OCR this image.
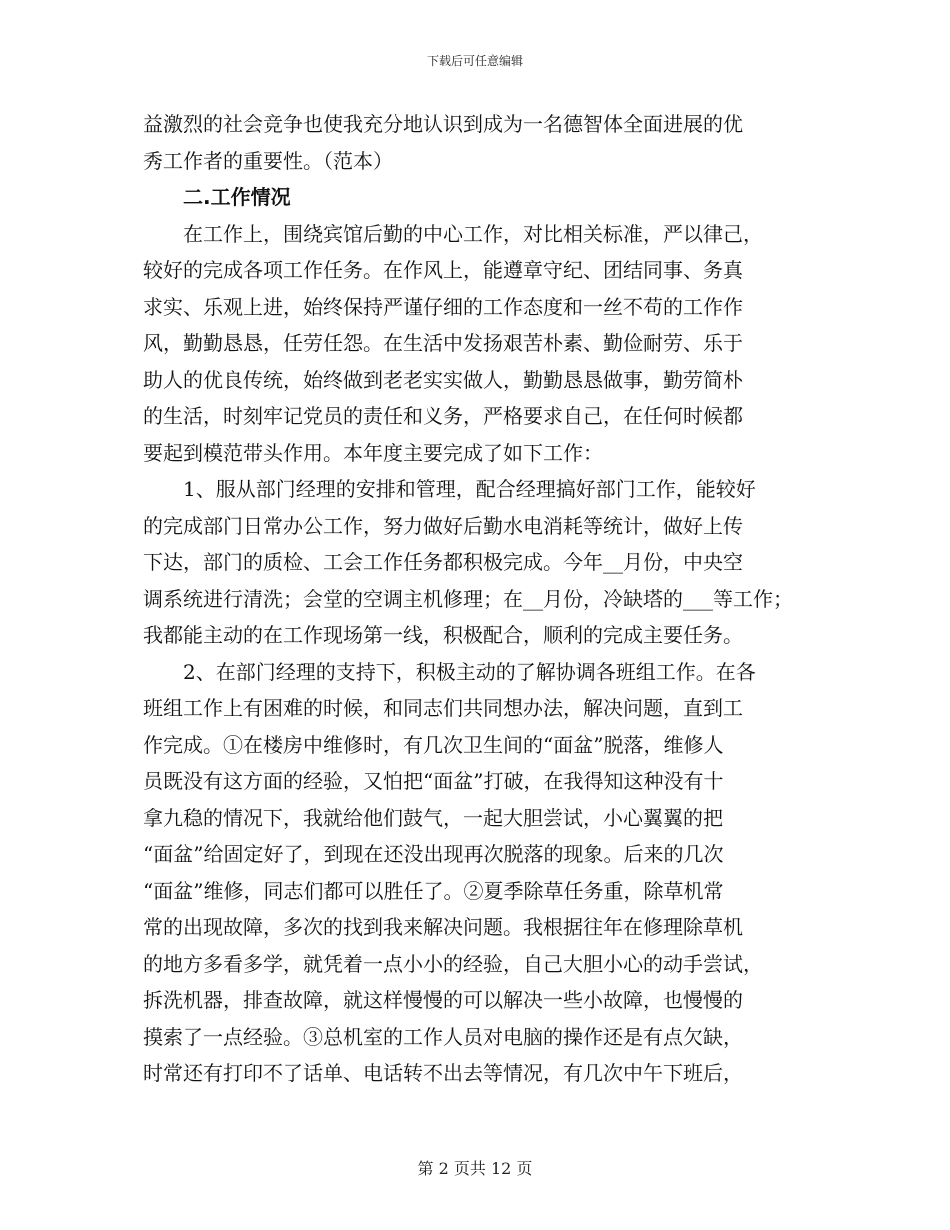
下载后可任意编辑
益激烈的社会竞争也使我充分地认识到成为一名德智体全面进展的优
秀工作者的重要性。（范本）
　　二.工作情况
　　在工作上，围绕宾馆后勤的中心工作，对比相关标准，严以律己，
较好的完成各项工作任务。在作风上，能遵章守纪、团结同事、务真
求实、乐观上进，始终保持严谨仔细的工作态度和一丝不苟的工作作
风，勤勤恳恳，任劳任怨。在生活中发扬艰苦朴素、勤俭耐劳、乐于
助人的优良传统，始终做到老老实实做人，勤勤恳恳做事，勤劳简朴
的生活，时刻牢记党员的责任和义务，严格要求自己，在任何时候都
要起到模范带头作用。本年度主要完成了如下工作：
　　1、服从部门经理的安排和管理，配合经理搞好部门工作，能较好
的完成部门日常办公工作，努力做好后勤水电消耗等统计，做好上传
下达，部门的质检、工会工作任务都积极完成。今年__月份，中央空
调系统进行清洗；会堂的空调主机修理；在__月份，冷缺塔的___等工作；
我都能主动的在工作现场第一线，积极配合，顺利的完成主要任务。
　　2、在部门经理的支持下，积极主动的了解协调各班组工作。在各
班组工作上有困难的时候，和同志们共同想办法，解决问题，直到工
作完成。①在楼房中维修时，有几次卫生间的“面盆”脱落，维修人
员既没有这方面的经验，又怕把“面盆”打破，在我得知这种没有十
拿九稳的情况下，我就给他们鼓气，一起大胆尝试，小心翼翼的把
“面盆”给固定好了，到现在还没出现再次脱落的现象。后来的几次
“面盆”维修，同志们都可以胜任了。②夏季除草任务重，除草机常
常的出现故障，多次的找到我来解决问题。我根据往年在修理除草机
的地方多看多学，就凭着一点小小的经验，自己大胆小心的动手尝试，
拆洗机器，排查故障，就这样慢慢的可以解决一些小故障，也慢慢的
摸索了一点经验。③总机室的工作人员对电脑的操作还是有点欠缺，
时常还有打印不了话单、电话转不出去等情况，有几次中午下班后，
第 2 页共 12 页
